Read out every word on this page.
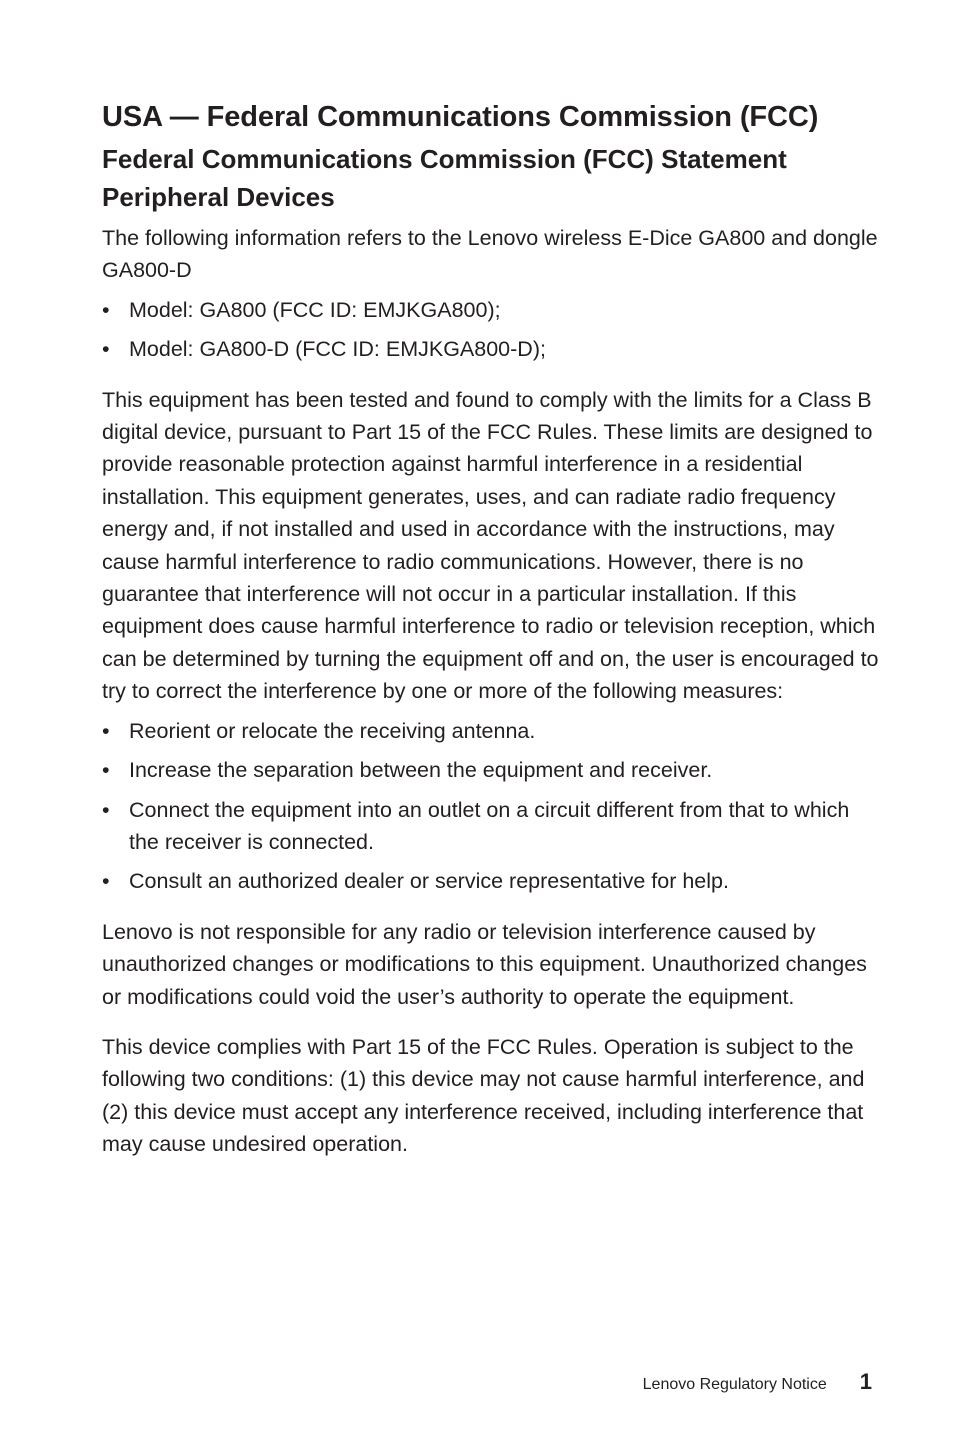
USA — Federal Communications Commission (FCC)
Federal Communications Commission (FCC) Statement Peripheral Devices

The following information refers to the Lenovo wireless E-Dice GA800 and dongle GA800-D

• Model: GA800 (FCC ID: EMJKGA800);
• Model: GA800-D (FCC ID: EMJKGA800-D);

This equipment has been tested and found to comply with the limits for a Class B digital device, pursuant to Part 15 of the FCC Rules. These limits are designed to provide reasonable protection against harmful interference in a residential installation. This equipment generates, uses, and can radiate radio frequency energy and, if not installed and used in accordance with the instructions, may cause harmful interference to radio communications. However, there is no guarantee that interference will not occur in a particular installation. If this equipment does cause harmful interference to radio or television reception, which can be determined by turning the equipment off and on, the user is encouraged to try to correct the interference by one or more of the following measures:

• Reorient or relocate the receiving antenna.
• Increase the separation between the equipment and receiver.
• Connect the equipment into an outlet on a circuit different from that to which the receiver is connected.
• Consult an authorized dealer or service representative for help.

Lenovo is not responsible for any radio or television interference caused by unauthorized changes or modifications to this equipment. Unauthorized changes or modifications could void the user’s authority to operate the equipment.

This device complies with Part 15 of the FCC Rules. Operation is subject to the following two conditions: (1) this device may not cause harmful interference, and (2) this device must accept any interference received, including interference that may cause undesired operation.

Lenovo Regulatory Notice 1
